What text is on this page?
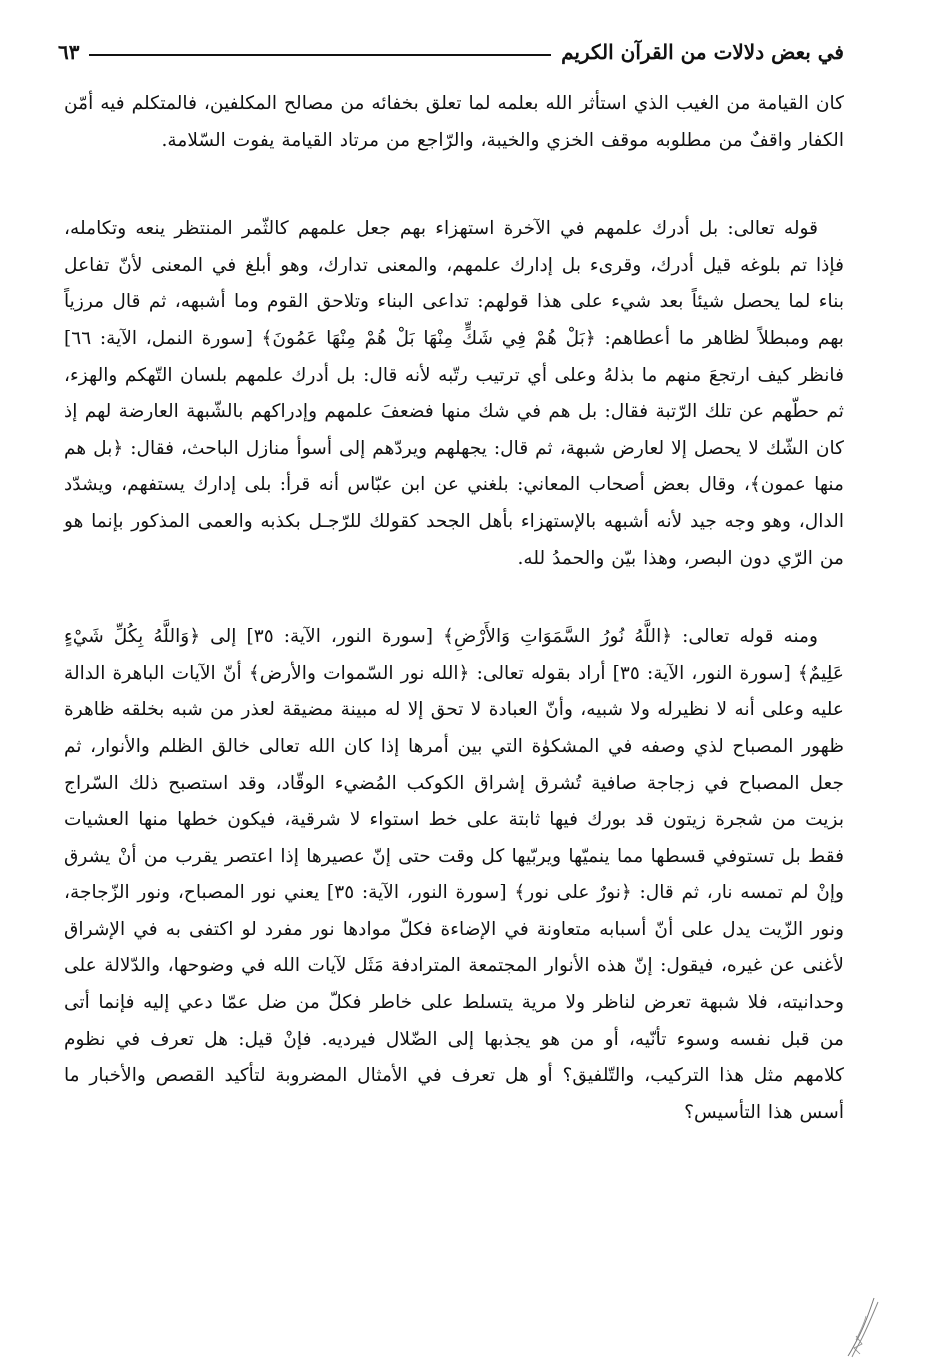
في بعض دلالات من القرآن الكريم
٦٣

كان القيامة من الغيب الذي استأثر الله بعلمه لما تعلق بخفائه من مصالح المكلفين، فالمتكلم فيه أمّن الكفار واقفٌ من مطلوبه موقف الخزي والخيبة، والرّاجع من مرتاد القيامة يفوت السّلامة.

قوله تعالى: بل أدرك علمهم في الآخرة استهزاء بهم جعل علمهم كالثّمر المنتظر ينعه وتكامله، فإذا تم بلوغه قيل أدرك، وقرىء بل إدارك علمهم، والمعنى تدارك، وهو أبلغ في المعنى لأنّ تفاعل بناء لما يحصل شيئاً بعد شيء على هذا قولهم: تداعى البناء وتلاحق القوم وما أشبهه، ثم قال مرزياً بهم ومبطلاً لظاهر ما أعطاهم: ﴿بَلْ هُمْ فِي شَكٍّ مِنْهَا بَلْ هُمْ مِنْهَا عَمُونَ﴾ [سورة النمل، الآية: ٦٦] فانظر كيف ارتجعَ منهم ما بذلهُ وعلى أي ترتيب رتّبه لأنه قال: بل أدرك علمهم بلسان التّهكم والهزء، ثم حطّهم عن تلك الرّتبة فقال: بل هم في شك منها فضعفَ علمهم وإدراكهم بالشّبهة العارضة لهم إذ كان الشّك لا يحصل إلا لعارض شبهة، ثم قال: يجهلهم ويردّهم إلى أسوأ منازل الباحث، فقال: ﴿بل هم منها عمون﴾، وقال بعض أصحاب المعاني: بلغني عن ابن عبّاس أنه قرأ: بلى إدارك يستفهم، ويشدّد الدال، وهو وجه جيد لأنه أشبهه بالإستهزاء بأهل الجحد كقولك للرّجـل بكذبه والعمى المذكور بإنما هو من الرّي دون البصر، وهذا بيّن والحمدُ لله.

ومنه قوله تعالى: ﴿اللَّهُ نُورُ السَّمَوَاتِ وَالأَرْضِ﴾ [سورة النور، الآية: ٣٥] إلى ﴿وَاللَّهُ بِكُلِّ شَيْءٍ عَلِيمٌ﴾ [سورة النور، الآية: ٣٥] أراد بقوله تعالى: ﴿الله نور السّموات والأرض﴾ أنّ الآيات الباهرة الدالة عليه وعلى أنه لا نظيرله ولا شبيه، وأنّ العبادة لا تحق إلا له مبينة مضيقة لعذر من شبه بخلقه ظاهرة ظهور المصباح لذي وصفه في المشكوٰة التي بين أمرها إذا كان الله تعالى خالق الظلم والأنوار، ثم جعل المصباح في زجاجة صافية تُشرق إشراق الكوكب المُضيء الوقّاد، وقد استصبح ذلك السّراج بزيت من شجرة زيتون قد بورك فيها ثابتة على خط استواء لا شرقية، فيكون خطها منها العشيات فقط بل تستوفي قسطها مما ينميّها ويربّيها كل وقت حتى إنّ عصيرها إذا اعتصر يقرب من أنْ يشرق وإنْ لم تمسه نار، ثم قال: ﴿نورٌ على نور﴾ [سورة النور، الآية: ٣٥] يعني نور المصباح، ونور الزّجاجة، ونور الزّيت يدل على أنّ أسبابه متعاونة في الإضاءة فكلّ موادها نور مفرد لو اكتفى به في الإشراق لأغنى عن غيره، فيقول: إنّ هذه الأنوار المجتمعة المترادفة مَثَل لآيات الله في وضوحها، والدّلالة على وحدانيته، فلا شبهة تعرض لناظر ولا مرية يتسلط على خاطر فكلّ من ضل عمّا دعي إليه فإنما أتى من قبل نفسه وسوء تأنّيه، أو من هو يجذبها إلى الضّلال فيرديه. فإنْ قيل: هل تعرف في نظوم كلامهم مثل هذا التركيب، والتّلفيق؟ أو هل تعرف في الأمثال المضروبة لتأكيد القصص والأخبار ما أسس هذا التأسيس؟
